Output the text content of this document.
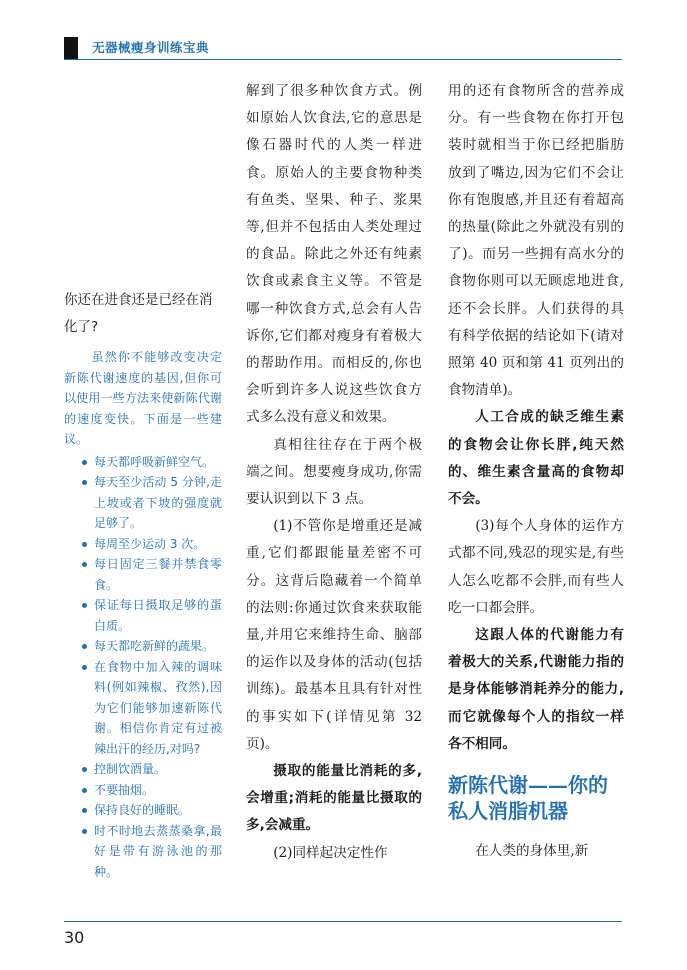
无器械瘦身训练宝典
你还在进食还是已经在消化了?

虽然你不能够改变决定新陈代谢速度的基因,但你可以使用一些方法来使新陈代谢的速度变快。下面是一些建议。

每天都呼吸新鲜空气。
每天至少活动 5 分钟,走上坡或者下坡的强度就足够了。
每周至少运动 3 次。
每日固定三餐并禁食零食。
保证每日摄取足够的蛋白质。
每天都吃新鲜的蔬果。
在食物中加入辣的调味料(例如辣椒、孜然),因为它们能够加速新陈代谢。相信你肯定有过被辣出汗的经历,对吗?
控制饮酒量。
不要抽烟。
保持良好的睡眠。
时不时地去蒸蒸桑拿,最好是带有游泳池的那种。

解到了很多种饮食方式。例如原始人饮食法,它的意思是像石器时代的人类一样进食。原始人的主要食物种类有鱼类、坚果、种子、浆果等,但并不包括由人类处理过的食品。除此之外还有纯素饮食或素食主义等。不管是哪一种饮食方式,总会有人告诉你,它们都对瘦身有着极大的帮助作用。而相反的,你也会听到许多人说这些饮食方式多么没有意义和效果。

真相往往存在于两个极端之间。想要瘦身成功,你需要认识到以下 3 点。

(1)不管你是增重还是减重,它们都跟能量差密不可分。这背后隐藏着一个简单的法则:你通过饮食来获取能量,并用它来维持生命、脑部的运作以及身体的活动(包括训练)。最基本且具有针对性的事实如下(详情见第 32 页)。

摄取的能量比消耗的多,会增重;消耗的能量比摄取的多,会减重。

(2)同样起决定性作

用的还有食物所含的营养成分。有一些食物在你打开包装时就相当于你已经把脂肪放到了嘴边,因为它们不会让你有饱腹感,并且还有着超高的热量(除此之外就没有别的了)。而另一些拥有高水分的食物你则可以无顾虑地进食,还不会长胖。人们获得的具有科学依据的结论如下(请对照第 40 页和第 41 页列出的食物清单)。

人工合成的缺乏维生素的食物会让你长胖,纯天然的、维生素含量高的食物却不会。

(3)每个人身体的运作方式都不同,残忍的现实是,有些人怎么吃都不会胖,而有些人吃一口都会胖。

这跟人体的代谢能力有着极大的关系,代谢能力指的是身体能够消耗养分的能力,而它就像每个人的指纹一样各不相同。

新陈代谢——你的私人消脂机器

在人类的身体里,新

30
